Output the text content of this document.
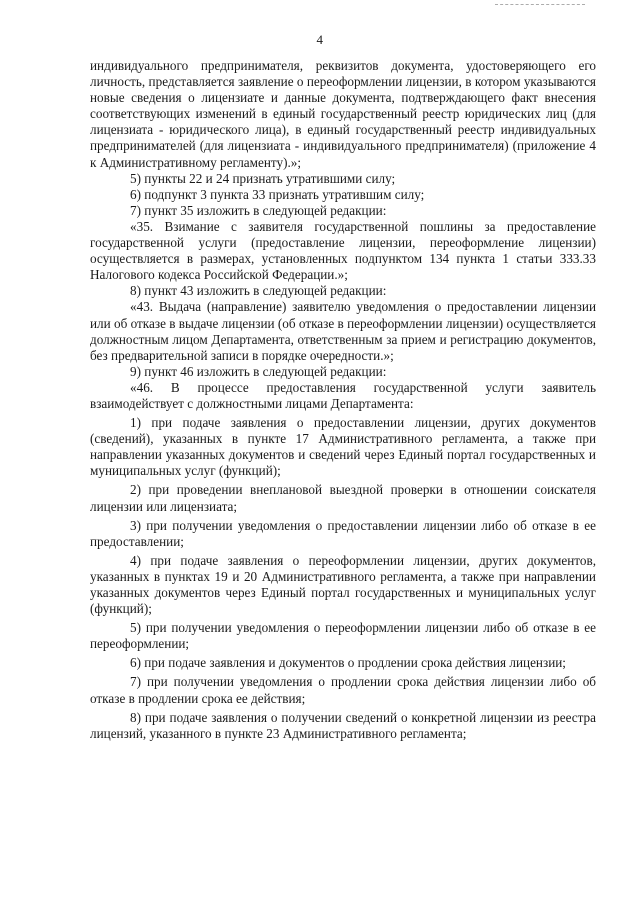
4

индивидуального предпринимателя, реквизитов документа, удостоверяющего его личность, представляется заявление о переоформлении лицензии, в котором указываются новые сведения о лицензиате и данные документа, подтверждающего факт внесения соответствующих изменений в единый государственный реестр юридических лиц (для лицензиата - юридического лица), в единый государственный реестр индивидуальных предпринимателей (для лицензиата - индивидуального предпринимателя) (приложение 4 к Административному регламенту).»;

5) пункты 22 и 24 признать утратившими силу;

6) подпункт 3 пункта 33 признать утратившим силу;

7) пункт 35 изложить в следующей редакции:

«35. Взимание с заявителя государственной пошлины за предоставление государственной услуги (предоставление лицензии, переоформление лицензии) осуществляется в размерах, установленных подпунктом 134 пункта 1 статьи 333.33 Налогового кодекса Российской Федерации.»;

8) пункт 43 изложить в следующей редакции:

«43. Выдача (направление) заявителю уведомления о предоставлении лицензии или об отказе в выдаче лицензии (об отказе в переоформлении лицензии) осуществляется должностным лицом Департамента, ответственным за прием и регистрацию документов, без предварительной записи в порядке очередности.»;

9) пункт 46 изложить в следующей редакции:

«46. В процессе предоставления государственной услуги заявитель взаимодействует с должностными лицами Департамента:

1) при подаче заявления о предоставлении лицензии, других документов (сведений), указанных в пункте 17 Административного регламента, а также при направлении указанных документов и сведений через Единый портал государственных и муниципальных услуг (функций);

2) при проведении внеплановой выездной проверки в отношении соискателя лицензии или лицензиата;

3) при получении уведомления о предоставлении лицензии либо об отказе в ее предоставлении;

4) при подаче заявления о переоформлении лицензии, других документов, указанных в пунктах 19 и 20 Административного регламента, а также при направлении указанных документов через Единый портал государственных и муниципальных услуг (функций);

5) при получении уведомления о переоформлении лицензии либо об отказе в ее переоформлении;

6) при подаче заявления и документов о продлении срока действия лицензии;

7) при получении уведомления о продлении срока действия лицензии либо об отказе в продлении срока ее действия;

8) при подаче заявления о получении сведений о конкретной лицензии из реестра лицензий, указанного в пункте 23 Административного регламента;
